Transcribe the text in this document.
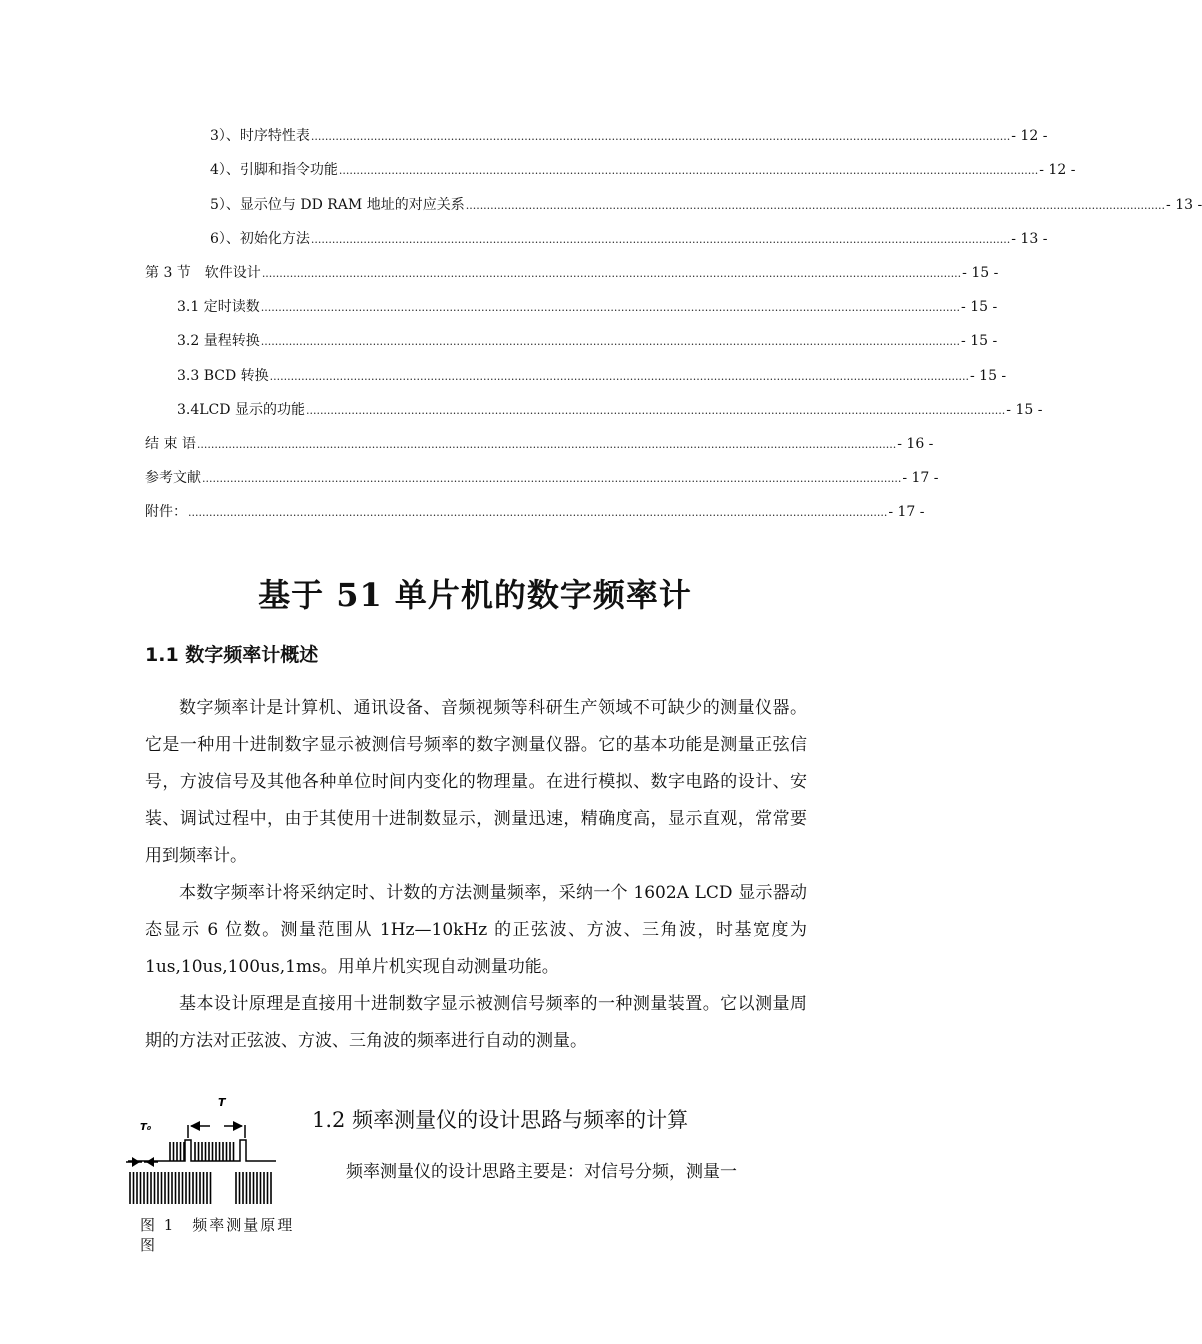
3）、时序特性表 ........................................................................................................................................................................................................ - 12 -
4）、引脚和指令功能 ........................................................................................................................................................................................................ - 12 -
5）、显示位与 DD RAM 地址的对应关系 ........................................................................................................................................................................................................ - 13 -
6）、初始化方法 ........................................................................................................................................................................................................ - 13 -
第 3 节　软件设计 ........................................................................................................................................................................................................ - 15 -
3.1 定时读数 ........................................................................................................................................................................................................ - 15 -
3.2 量程转换 ........................................................................................................................................................................................................ - 15 -
3.3 BCD 转换 ........................................................................................................................................................................................................ - 15 -
3.4LCD 显示的功能 ........................................................................................................................................................................................................ - 15 -
结 束 语 ........................................................................................................................................................................................................ - 16 -
参考文献 ........................................................................................................................................................................................................ - 17 -
附件： ........................................................................................................................................................................................................ - 17 -
基于 51 单片机的数字频率计
1.1 数字频率计概述

数字频率计是计算机、通讯设备、音频视频等科研生产领域不可缺少的测量仪器。它是一种用十进制数字显示被测信号频率的数字测量仪器。它的基本功能是测量正弦信号，方波信号及其他各种单位时间内变化的物理量。在进行模拟、数字电路的设计、安装、调试过程中，由于其使用十进制数显示，测量迅速，精确度高，显示直观，常常要用到频率计。

本数字频率计将采纳定时、计数的方法测量频率，采纳一个 1602A LCD 显示器动态显示 6 位数。测量范围从 1Hz—10kHz 的正弦波、方波、三角波，时基宽度为 1us,10us,100us,1ms。用单片机实现自动测量功能。

基本设计原理是直接用十进制数字显示被测信号频率的一种测量装置。它以测量周期的方法对正弦波、方波、三角波的频率进行自动的测量。

T
T₀
图 1　频率测量原理图
1.2 频率测量仪的设计思路与频率的计算
频率测量仪的设计思路主要是：对信号分频，测量一
